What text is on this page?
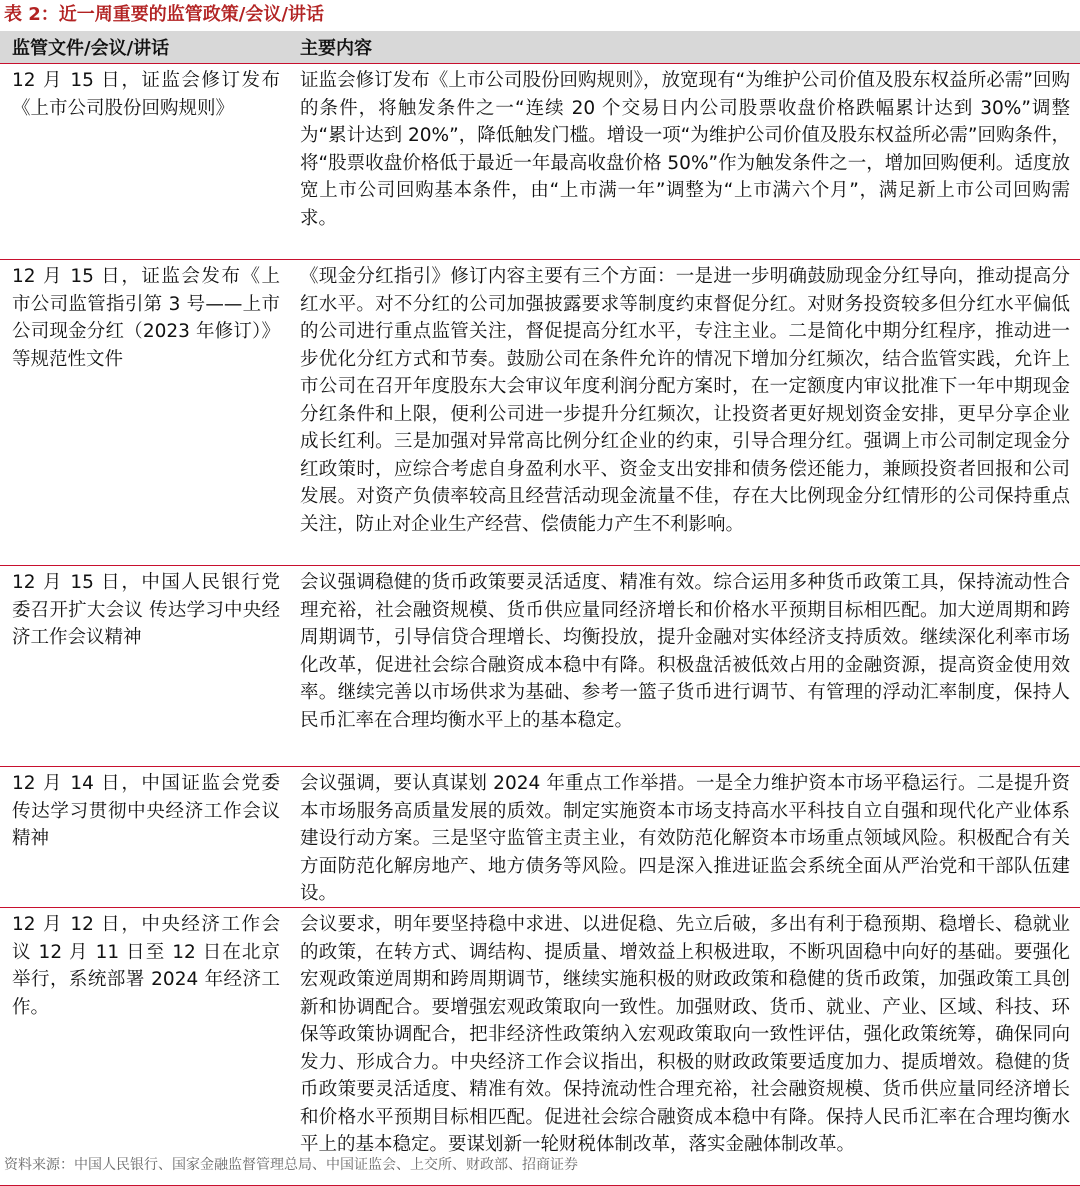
表 2：近一周重要的监管政策/会议/讲话
监管文件/会议/讲话	主要内容
12 月 15 日，证监会修订发布《上市公司股份回购规则》
证监会修订发布《上市公司股份回购规则》，放宽现有“为维护公司价值及股东权益所必需”回购的条件，将触发条件之一“连续 20 个交易日内公司股票收盘价格跌幅累计达到 30%”调整为“累计达到 20%”，降低触发门槛。增设一项“为维护公司价值及股东权益所必需”回购条件，将“股票收盘价格低于最近一年最高收盘价格 50%”作为触发条件之一，增加回购便利。适度放宽上市公司回购基本条件，由“上市满一年”调整为“上市满六个月”，满足新上市公司回购需求。
12 月 15 日，证监会发布《上市公司监管指引第 3 号——上市公司现金分红（2023 年修订）》等规范性文件
《现金分红指引》修订内容主要有三个方面：一是进一步明确鼓励现金分红导向，推动提高分红水平。对不分红的公司加强披露要求等制度约束督促分红。对财务投资较多但分红水平偏低的公司进行重点监管关注，督促提高分红水平，专注主业。二是简化中期分红程序，推动进一步优化分红方式和节奏。鼓励公司在条件允许的情况下增加分红频次，结合监管实践，允许上市公司在召开年度股东大会审议年度利润分配方案时，在一定额度内审议批准下一年中期现金分红条件和上限，便利公司进一步提升分红频次，让投资者更好规划资金安排，更早分享企业成长红利。三是加强对异常高比例分红企业的约束，引导合理分红。强调上市公司制定现金分红政策时，应综合考虑自身盈利水平、资金支出安排和债务偿还能力，兼顾投资者回报和公司发展。对资产负债率较高且经营活动现金流量不佳，存在大比例现金分红情形的公司保持重点关注，防止对企业生产经营、偿债能力产生不利影响。
12 月 15 日，中国人民银行党委召开扩大会议 传达学习中央经济工作会议精神
会议强调稳健的货币政策要灵活适度、精准有效。综合运用多种货币政策工具，保持流动性合理充裕，社会融资规模、货币供应量同经济增长和价格水平预期目标相匹配。加大逆周期和跨周期调节，引导信贷合理增长、均衡投放，提升金融对实体经济支持质效。继续深化利率市场化改革，促进社会综合融资成本稳中有降。积极盘活被低效占用的金融资源，提高资金使用效率。继续完善以市场供求为基础、参考一篮子货币进行调节、有管理的浮动汇率制度，保持人民币汇率在合理均衡水平上的基本稳定。
12 月 14 日，中国证监会党委传达学习贯彻中央经济工作会议精神
会议强调，要认真谋划 2024 年重点工作举措。一是全力维护资本市场平稳运行。二是提升资本市场服务高质量发展的质效。制定实施资本市场支持高水平科技自立自强和现代化产业体系建设行动方案。三是坚守监管主责主业，有效防范化解资本市场重点领域风险。积极配合有关方面防范化解房地产、地方债务等风险。四是深入推进证监会系统全面从严治党和干部队伍建设。
12 月 12 日，中央经济工作会议 12 月 11 日至 12 日在北京举行，系统部署 2024 年经济工作。
会议要求，明年要坚持稳中求进、以进促稳、先立后破，多出有利于稳预期、稳增长、稳就业的政策，在转方式、调结构、提质量、增效益上积极进取，不断巩固稳中向好的基础。要强化宏观政策逆周期和跨周期调节，继续实施积极的财政政策和稳健的货币政策，加强政策工具创新和协调配合。要增强宏观政策取向一致性。加强财政、货币、就业、产业、区域、科技、环保等政策协调配合，把非经济性政策纳入宏观政策取向一致性评估，强化政策统筹，确保同向发力、形成合力。中央经济工作会议指出，积极的财政政策要适度加力、提质增效。稳健的货币政策要灵活适度、精准有效。保持流动性合理充裕，社会融资规模、货币供应量同经济增长和价格水平预期目标相匹配。促进社会综合融资成本稳中有降。保持人民币汇率在合理均衡水平上的基本稳定。要谋划新一轮财税体制改革，落实金融体制改革。
资料来源：中国人民银行、国家金融监督管理总局、中国证监会、上交所、财政部、招商证券
